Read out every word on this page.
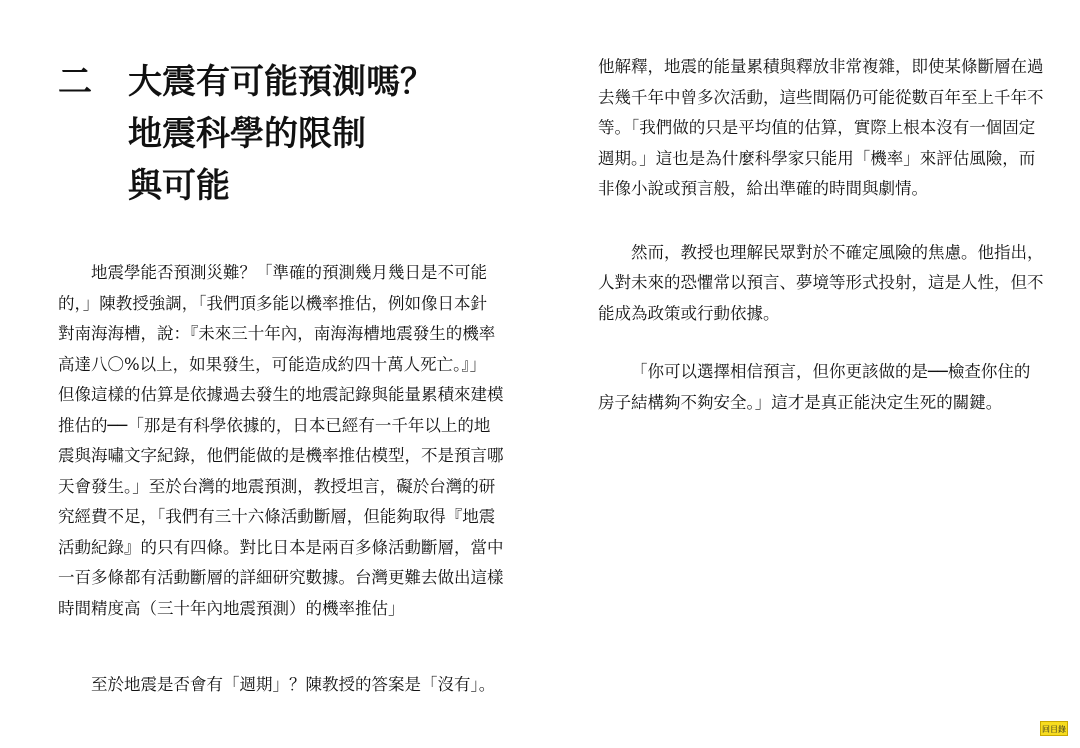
二 大震有可能預測嗎？
地震科學的限制
與可能
地震學能否預測災難？「準確的預測幾月幾日是不可能
的，」陳教授強調，「我們頂多能以機率推估，例如像日本針
對南海海槽，說：『未來三十年內，南海海槽地震發生的機率
高達八〇%以上，如果發生，可能造成約四十萬人死亡。』」
但像這樣的估算是依據過去發生的地震記錄與能量累積來建模
推估的──「那是有科學依據的，日本已經有一千年以上的地
震與海嘯文字紀錄，他們能做的是機率推估模型，不是預言哪
天會發生。」至於台灣的地震預測，教授坦言，礙於台灣的研
究經費不足，「我們有三十六條活動斷層，但能夠取得『地震
活動紀錄』的只有四條。對比日本是兩百多條活動斷層，當中
一百多條都有活動斷層的詳細研究數據。台灣更難去做出這樣
時間精度高（三十年內地震預測）的機率推估」
至於地震是否會有「週期」？陳教授的答案是「沒有」。
他解釋，地震的能量累積與釋放非常複雜，即使某條斷層在過
去幾千年中曾多次活動，這些間隔仍可能從數百年至上千年不
等。「我們做的只是平均值的估算，實際上根本沒有一個固定
週期。」這也是為什麼科學家只能用「機率」來評估風險，而
非像小說或預言般，給出準確的時間與劇情。
然而，教授也理解民眾對於不確定風險的焦慮。他指出，
人對未來的恐懼常以預言、夢境等形式投射，這是人性，但不
能成為政策或行動依據。
「你可以選擇相信預言，但你更該做的是──檢查你住的
房子結構夠不夠安全。」這才是真正能決定生死的關鍵。
回目錄
